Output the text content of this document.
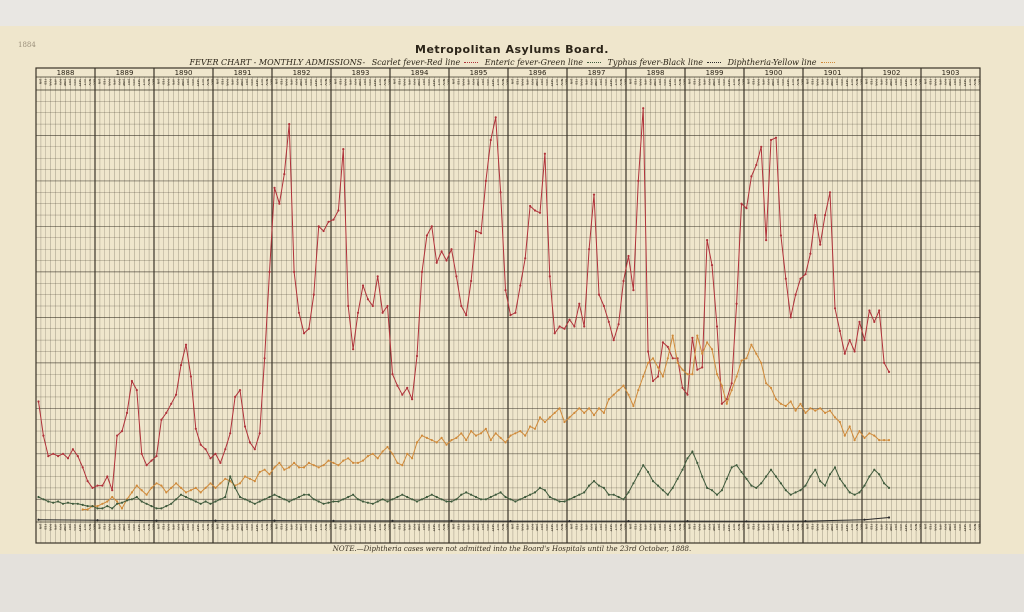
1884	Metropolitan Asylums Board.
FEVER CHART - MONTHLY ADMISSIONS- Scarlet fever-Red line	Enteric fever-Green line	Typhus fever-Black line	Diphtheria-Yellow line
1888	1889	1890	1891	1892	1893	1894	1895	1896	1897	1898	1899	1900	1901	1902	1903
JAN FEB MAR APR MAY JUNE JULY AUG SEPT OCT NOV DEC JAN FEB MAR APR MAY JUNE JULY AUG SEPT OCT NOV DEC JAN FEB MAR APR MAY JUNE JULY AUG SEPT OCT NOV DEC JAN FEB MAR APR MAY JUNE JULY AUG SEPT OCT NOV DEC JAN FEB MAR APR MAY JUNE JULY AUG SEPT OCT NOV DEC JAN FEB MAR APR MAY JUNE JULY AUG SEPT OCT NOV DEC JAN FEB MAR APR MAY JUNE JULY AUG SEPT OCT NOV DEC JAN FEB MAR APR MAY JUNE JULY AUG SEPT OCT NOV DEC JAN FEB MAR APR MAY JUNE JULY AUG SEPT OCT NOV DEC JAN FEB MAR APR MAY JUNE JULY AUG SEPT OCT NOV DEC JAN FEB MAR APR MAY JUNE JULY AUG SEPT OCT NOV DEC JAN FEB MAR APR MAY JUNE JULY AUG SEPT OCT NOV DEC JAN FEB MAR APR MAY JUNE JULY AUG SEPT OCT NOV DEC JAN FEB MAR APR MAY JUNE JULY AUG SEPT OCT NOV DEC JAN FEB MAR APR MAY JUNE JULY AUG SEPT OCT NOV DEC JAN FEB MAR APR MAY JUNE JULY AUG SEPT OCT NOV DEC
JAN FEB MAR APR MAY JUNE JULY AUG SEPT OCT NOV DEC JAN FEB MAR APR MAY JUNE JULY AUG SEPT OCT NOV DEC JAN FEB MAR APR MAY JUNE JULY AUG SEPT OCT NOV DEC JAN FEB MAR APR MAY JUNE JULY AUG SEPT OCT NOV DEC JAN FEB MAR APR MAY JUNE JULY AUG SEPT OCT NOV DEC JAN FEB MAR APR MAY JUNE JULY AUG SEPT OCT NOV DEC JAN FEB MAR APR MAY JUNE JULY AUG SEPT OCT NOV DEC JAN FEB MAR APR MAY JUNE JULY AUG SEPT OCT NOV DEC JAN FEB MAR APR MAY JUNE JULY AUG SEPT OCT NOV DEC JAN FEB MAR APR MAY JUNE JULY AUG SEPT OCT NOV DEC JAN FEB MAR APR MAY JUNE JULY AUG SEPT OCT NOV DEC JAN FEB MAR APR MAY JUNE JULY AUG SEPT OCT NOV DEC JAN FEB MAR APR MAY JUNE JULY AUG SEPT OCT NOV DEC JAN FEB MAR APR MAY JUNE JULY AUG SEPT OCT NOV DEC JAN FEB MAR APR MAY JUNE JULY AUG SEPT OCT NOV DEC JAN FEB MAR APR MAY JUNE JULY AUG SEPT OCT NOV DEC
NOTE.—Diphtheria cases were not admitted into the Board's Hospitals until the 23rd October, 1888.
